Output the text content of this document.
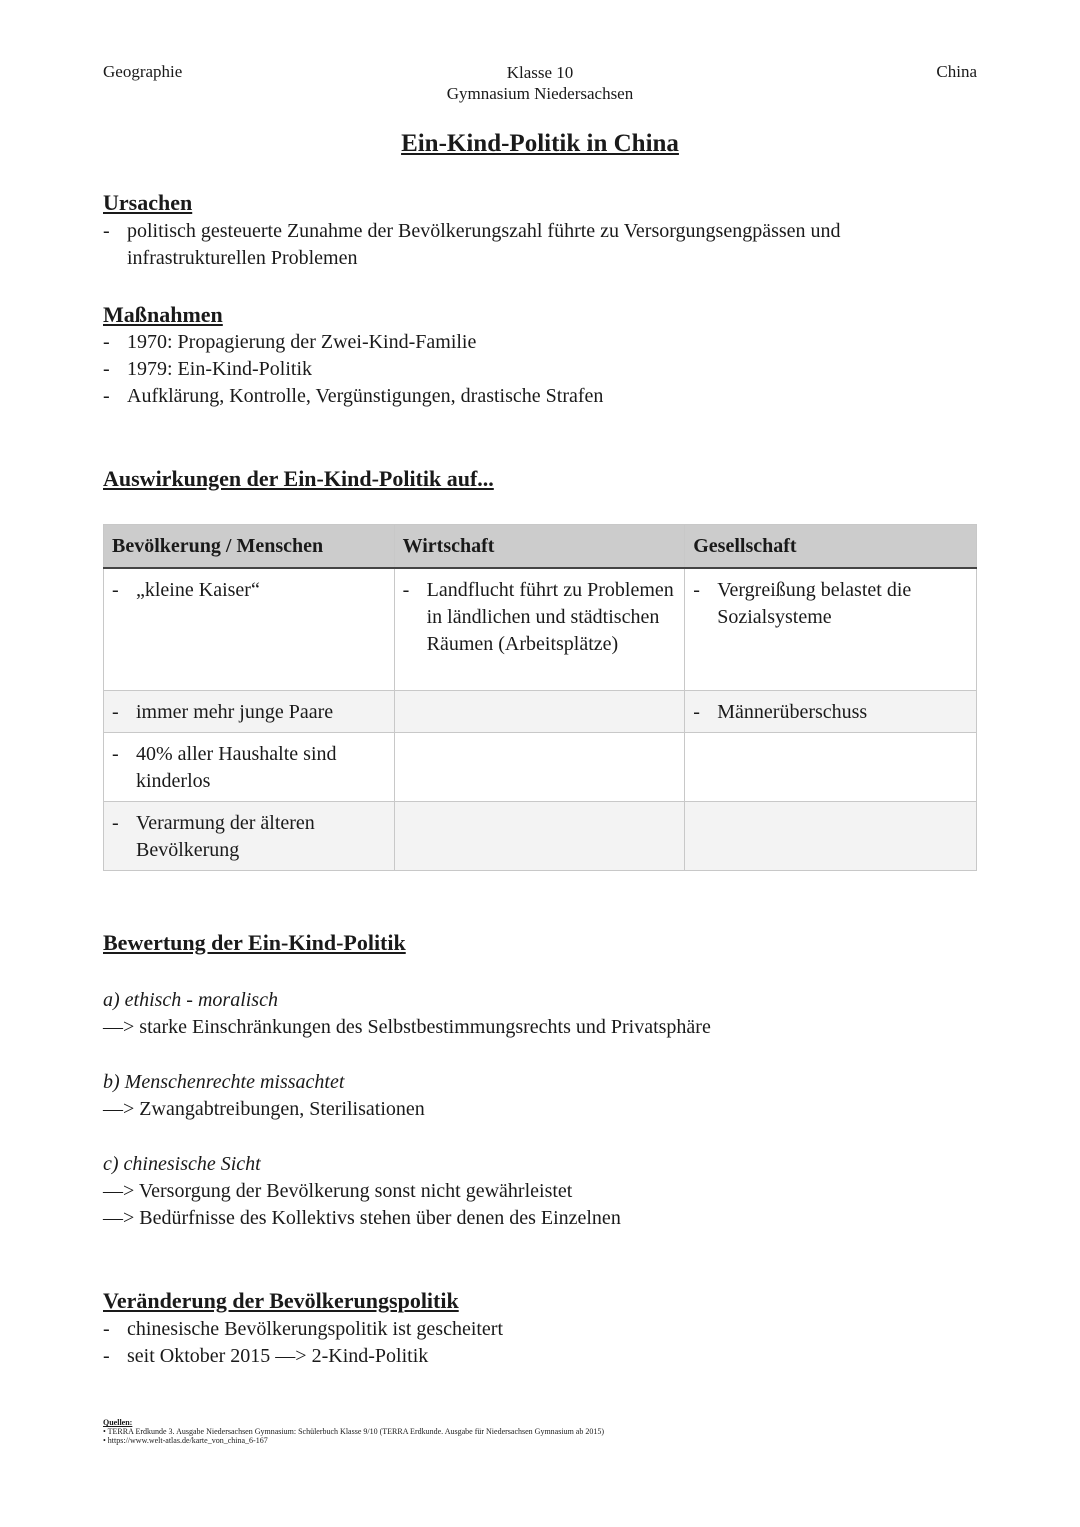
Geographie	Klasse 10
Gymnasium Niedersachsen
China
Ein-Kind-Politik in China
Ursachen
- politisch gesteuerte Zunahme der Bevölkerungszahl führte zu Versorgungsengpässen und infrastrukturellen Problemen
Maßnahmen
- 1970: Propagierung der Zwei-Kind-Familie
- 1979: Ein-Kind-Politik
- Aufklärung, Kontrolle, Vergünstigungen, drastische Strafen
Auswirkungen der Ein-Kind-Politik auf...
Bevölkerung / Menschen	Wirtschaft	Gesellschaft

- „kleine Kaiser“	- Landflucht führt zu Problemen in ländlichen und städtischen Räumen (Arbeitsplätze)	- Vergreißung belastet die Sozialsysteme

- immer mehr junge Paare		- Männerüberschuss

- 40% aller Haushalte sind kinderlos		

- Verarmung der älteren Bevölkerung		

Bewertung der Ein-Kind-Politik
a) ethisch - moralisch
—> starke Einschränkungen des Selbstbestimmungsrechts und Privatsphäre
b) Menschenrechte missachtet
—> Zwangabtreibungen, Sterilisationen
c) chinesische Sicht
—> Versorgung der Bevölkerung sonst nicht gewährleistet
—> Bedürfnisse des Kollektivs stehen über denen des Einzelnen
Veränderung der Bevölkerungspolitik
- chinesische Bevölkerungspolitik ist gescheitert
- seit Oktober 2015 —> 2-Kind-Politik
Quellen:
• TERRA Erdkunde 3. Ausgabe Niedersachsen Gymnasium: Schülerbuch Klasse 9/10 (TERRA Erdkunde. Ausgabe für Niedersachsen Gymnasium ab 2015)
• https://www.welt-atlas.de/karte_von_china_6-167
